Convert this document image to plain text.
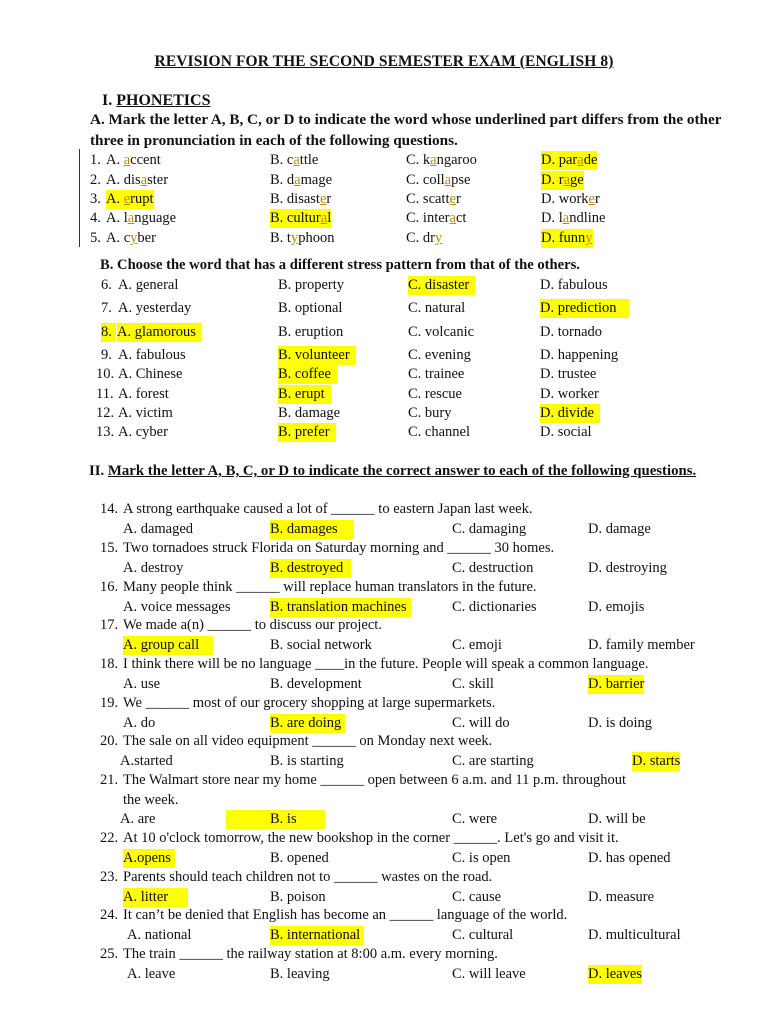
REVISION FOR THE SECOND SEMESTER EXAM (ENGLISH 8)
I. PHONETICS
A. Mark the letter A, B, C, or D to indicate the word whose underlined part differs from the other three in pronunciation in each of the following questions.
1. A. accent	B. cattle	C. kangaroo	D. parade
2. A. disaster	B. damage	C. collapse	D. rage
3. A. erupt	B. disaster	C. scatter	D. worker
4. A. language	B. cultural	C. interact	D. landline
5. A. cyber	B. typhoon	C. dry	D. funny
B. Choose the word that has a different stress pattern from that of the others.
6. A. general	B. property	C. disaster	D. fabulous
7. A. yesterday	B. optional	C. natural	D. prediction
8. A. glamorous	B. eruption	C. volcanic	D. tornado
9. A. fabulous	B. volunteer	C. evening	D. happening
10. A. Chinese	B. coffee	C. trainee	D. trustee
11. A. forest	B. erupt	C. rescue	D. worker
12. A. victim	B. damage	C. bury	D. divide
13. A. cyber	B. prefer	C. channel	D. social
II. Mark the letter A, B, C, or D to indicate the correct answer to each of the following questions.
14. A strong earthquake caused a lot of ______ to eastern Japan last week.
A. damaged	B. damages	C. damaging	D. damage
15. Two tornadoes struck Florida on Saturday morning and ______ 30 homes.
A. destroy	B. destroyed	C. destruction	D. destroying
16. Many people think ______ will replace human translators in the future.
A. voice messages	B. translation machines	C. dictionaries	D. emojis
17. We made a(n) ______ to discuss our project.
A. group call	B. social network	C. emoji	D. family member
18. I think there will be no language ____in the future. People will speak a common language.
A. use	B. development	C. skill	D. barrier
19. We ______ most of our grocery shopping at large supermarkets.
A. do	B. are doing	C. will do	D. is doing
20. The sale on all video equipment ______ on Monday next week.
A.started	B. is starting	C. are starting	D. starts
21. The Walmart store near my home ______ open between 6 a.m. and 11 p.m. throughout
the week.
A. are	B. is	C. were	D. will be
22. At 10 o'clock tomorrow, the new bookshop in the corner ______. Let's go and visit it.
A.opens	B. opened	C. is open	D. has opened
23. Parents should teach children not to ______ wastes on the road.
A. litter	B. poison	C. cause	D. measure
24. It can’t be denied that English has become an ______ language of the world.
A. national	B. international	C. cultural	D. multicultural
25. The train ______ the railway station at 8:00 a.m. every morning.
A. leave	B. leaving	C. will leave	D. leaves
